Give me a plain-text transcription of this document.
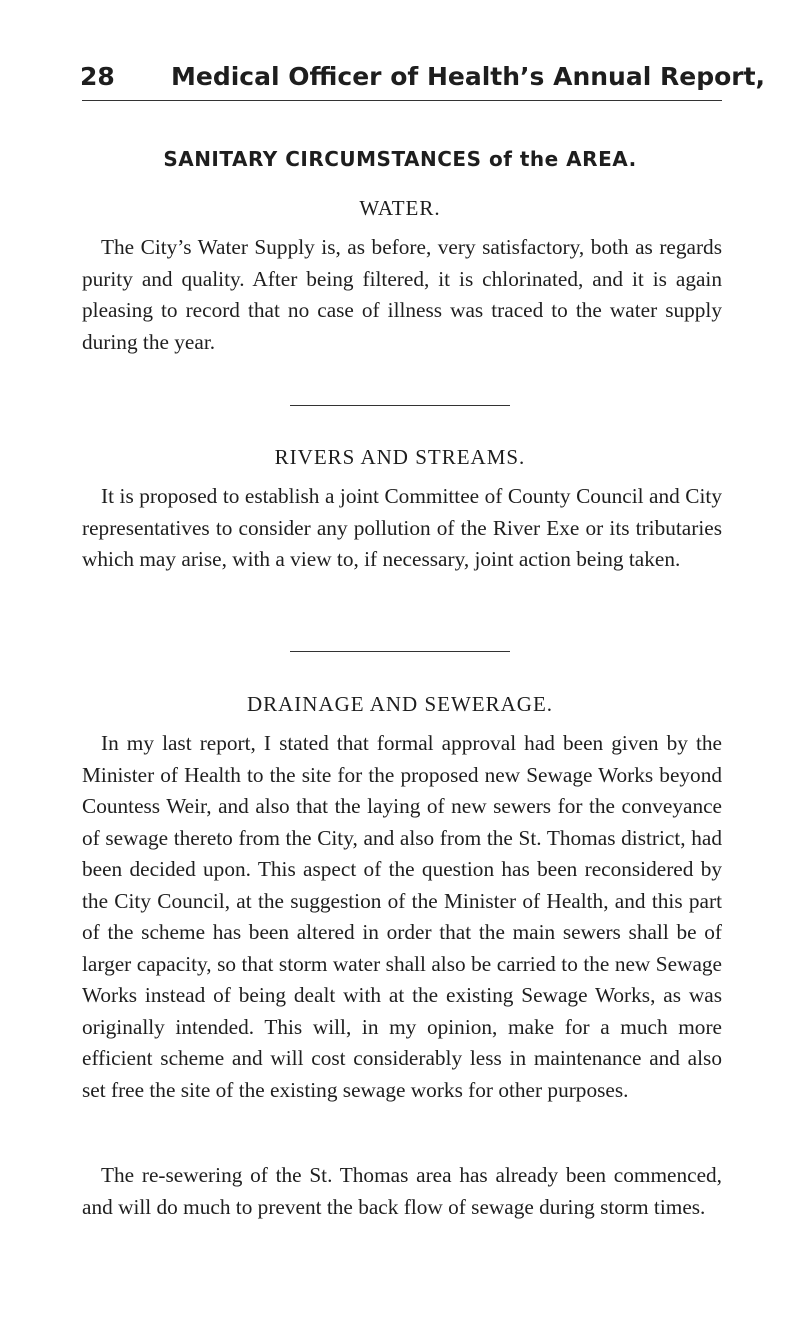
28 Medical Officer of Health’s Annual Report,
SANITARY CIRCUMSTANCES of the AREA.
WATER.

The City’s Water Supply is, as before, very satisfactory, both as regards purity and quality. After being filtered, it is chlorinated, and it is again pleasing to record that no case of illness was traced to the water supply during the year.

RIVERS AND STREAMS.

It is proposed to establish a joint Committee of County Council and City representatives to consider any pollution of the River Exe or its tributaries which may arise, with a view to, if necessary, joint action being taken.

DRAINAGE AND SEWERAGE.

In my last report, I stated that formal approval had been given by the Minister of Health to the site for the proposed new Sewage Works beyond Countess Weir, and also that the laying of new sewers for the conveyance of sewage thereto from the City, and also from the St. Thomas district, had been decided upon. This aspect of the question has been reconsidered by the City Council, at the suggestion of the Minister of Health, and this part of the scheme has been altered in order that the main sewers shall be of larger capacity, so that storm water shall also be carried to the new Sewage Works instead of being dealt with at the existing Sewage Works, as was originally intended. This will, in my opinion, make for a much more efficient scheme and will cost considerably less in maintenance and also set free the site of the existing sewage works for other purposes.

The re-sewering of the St. Thomas area has already been commenced, and will do much to prevent the back flow of sewage during storm times.
